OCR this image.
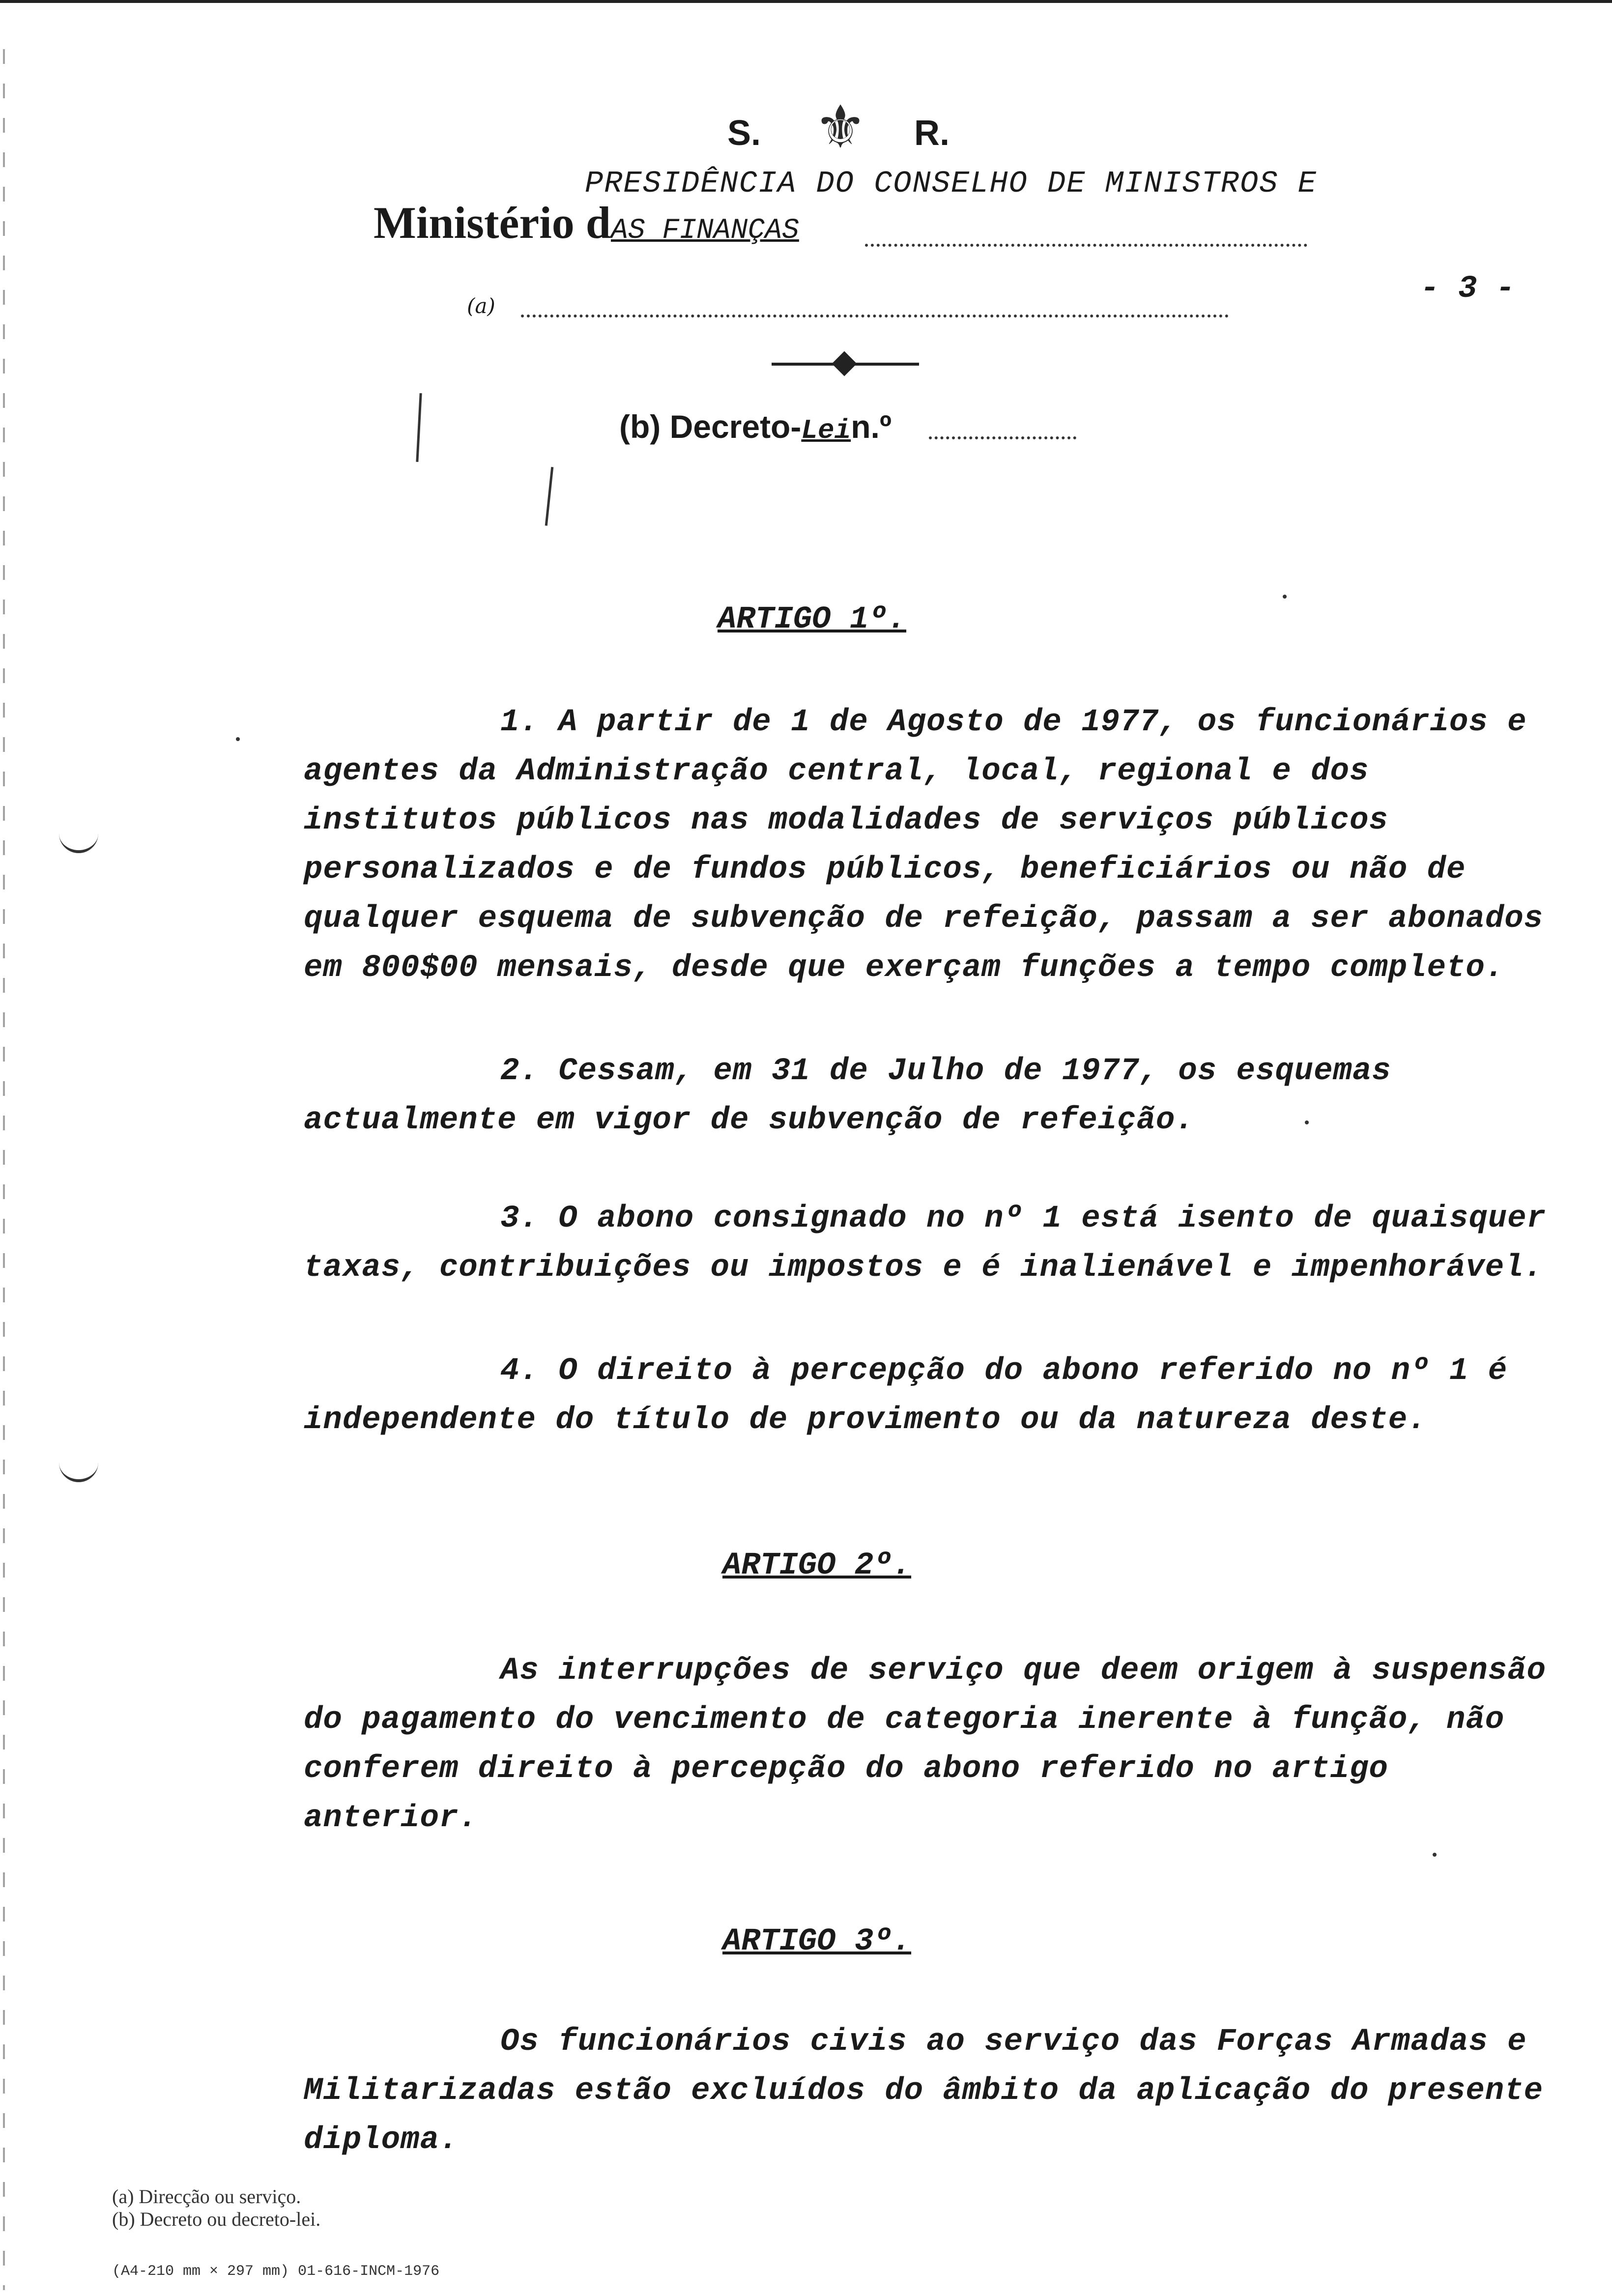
S. ⚜	R.
PRESIDÊNCIA DO CONSELHO DE MINISTROS E
Ministério dAS FINANÇAS
(a)	- 3 -
(b) Decreto-Lein.º
ARTIGO 1º.
1. A partir de 1 de Agosto de 1977, os funcionários e agentes da Administração central, local, regional e dos institutos públicos nas modalidades de serviços públicos personalizados e de fundos públicos, beneficiários ou não de qualquer esquema de subvenção de refeição, passam a ser abonados em 800$00 mensais, desde que exerçam funções a tempo completo.
2. Cessam, em 31 de Julho de 1977, os esquemas actualmente em vigor de subvenção de refeição.
3. O abono consignado no nº 1 está isento de quaisquer taxas, contribuições ou impostos e é inalienável e impenhorável.
4. O direito à percepção do abono referido no nº 1 é independente do título de provimento ou da natureza deste.
ARTIGO 2º.
As interrupções de serviço que deem origem à suspensão do pagamento do vencimento de categoria inerente à função, não conferem direito à percepção do abono referido no artigo anterior.
ARTIGO 3º.
Os funcionários civis ao serviço das Forças Armadas e Militarizadas estão excluídos do âmbito da aplicação do presente diploma.
(a) Direcção ou serviço.
(b) Decreto ou decreto-lei.
(A4-210 mm × 297 mm) 01-616-INCM-1976
